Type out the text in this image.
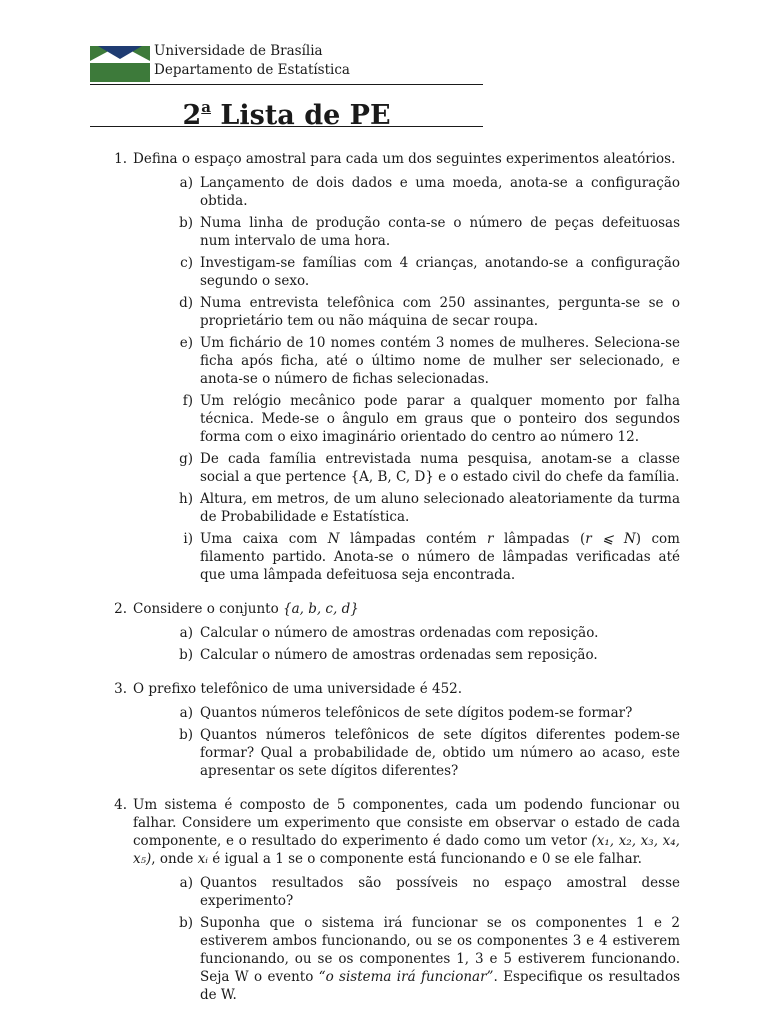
Universidade de Brasília
Departamento de Estatística
2$^a$ Lista de PE
1. Defina o espaço amostral para cada um dos seguintes experimentos aleatórios.
a) Lançamento de dois dados e uma moeda, anota-se a configuração obtida.
b) Numa linha de produção conta-se o número de peças defeituosas num intervalo de uma hora.
c) Investigam-se famílias com 4 crianças, anotando-se a configuração segundo o sexo.
d) Numa entrevista telefônica com 250 assinantes, pergunta-se se o proprietário tem ou não máquina de secar roupa.
e) Um fichário de 10 nomes contém 3 nomes de mulheres. Seleciona-se ficha após ficha, até o último nome de mulher ser selecionado, e anota-se o número de fichas selecionadas.
f) Um relógio mecânico pode parar a qualquer momento por falha técnica. Mede-se o ângulo em graus que o ponteiro dos segundos forma com o eixo imaginário orientado do centro ao número 12.
g) De cada família entrevistada numa pesquisa, anotam-se a classe social a que pertence {A, B, C, D} e o estado civil do chefe da família.
h) Altura, em metros, de um aluno selecionado aleatoriamente da turma de Probabilidade e Estatística.
i) Uma caixa com N lâmpadas contém r lâmpadas (r ⩽ N) com filamento partido. Anota-se o número de lâmpadas verificadas até que uma lâmpada defeituosa seja encontrada.
2. Considere o conjunto {a, b, c, d}
a) Calcular o número de amostras ordenadas com reposição.
b) Calcular o número de amostras ordenadas sem reposição.
3. O prefixo telefônico de uma universidade é 452.
a) Quantos números telefônicos de sete dígitos podem-se formar?
b) Quantos números telefônicos de sete dígitos diferentes podem-se formar? Qual a probabilidade de, obtido um número ao acaso, este apresentar os sete dígitos diferentes?
4. Um sistema é composto de 5 componentes, cada um podendo funcionar ou falhar. Considere um experimento que consiste em observar o estado de cada componente, e o resultado do experimento é dado como um vetor (x₁, x₂, x₃, x₄, x₅), onde xᵢ é igual a 1 se o componente está funcionando e 0 se ele falhar.
a) Quantos resultados são possíveis no espaço amostral desse experimento?
b) Suponha que o sistema irá funcionar se os componentes 1 e 2 estiverem ambos funcionando, ou se os componentes 3 e 4 estiverem funcionando, ou se os componentes 1, 3 e 5 estiverem funcionando. Seja W o evento “o sistema irá funcionar”. Especifique os resultados de W.
